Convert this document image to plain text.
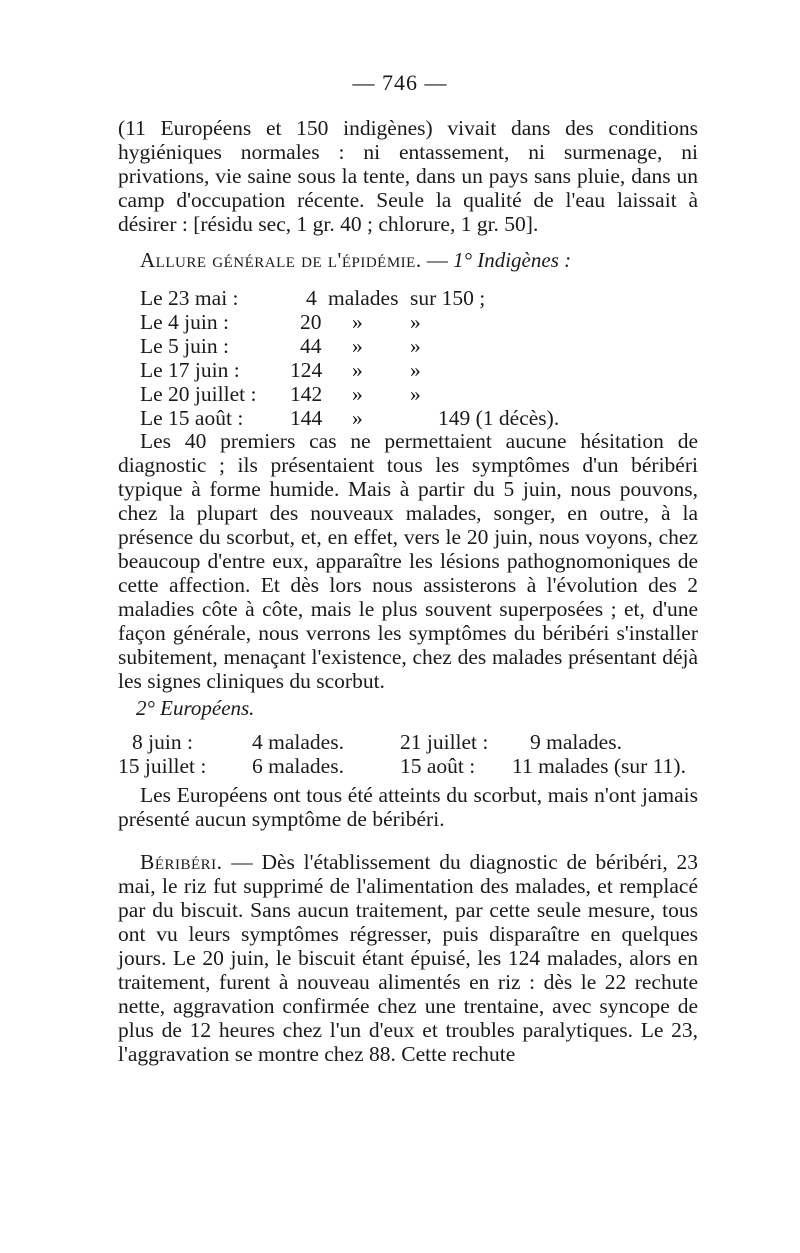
— 746 —

(11 Européens et 150 indigènes) vivait dans des conditions hygiéniques normales : ni entassement, ni surmenage, ni privations, vie saine sous la tente, dans un pays sans pluie, dans un camp d'occupation récente. Seule la qualité de l'eau laissait à désirer : [résidu sec, 1 gr. 40 ; chlorure, 1 gr. 50].

Allure générale de l'épidémie. — 1° Indigènes :
Le 23 mai :	4 malades sur 150 ;
Le 4 juin :	20 » »
Le 5 juin :	44 » »
Le 17 juin : 124 » »
Le 20 juillet : 142 » »
Le 15 août : 144 »	149 (1 décès).

Les 40 premiers cas ne permettaient aucune hésitation de diagnostic ; ils présentaient tous les symptômes d'un béribéri typique à forme humide. Mais à partir du 5 juin, nous pouvons, chez la plupart des nouveaux malades, songer, en outre, à la présence du scorbut, et, en effet, vers le 20 juin, nous voyons, chez beaucoup d'entre eux, apparaître les lésions pathognomoniques de cette affection. Et dès lors nous assisterons à l'évolution des 2 maladies côte à côte, mais le plus souvent superposées ; et, d'une façon générale, nous verrons les symptômes du béribéri s'installer subitement, menaçant l'existence, chez des malades présentant déjà les signes cliniques du scorbut.

2° Européens.
8 juin :	4 malades.	21 juillet : 9 malades.
15 juillet : 6 malades.	15 août : 11 malades (sur 11).

Les Européens ont tous été atteints du scorbut, mais n'ont jamais présenté aucun symptôme de béribéri.

Béribéri. — Dès l'établissement du diagnostic de béribéri, 23 mai, le riz fut supprimé de l'alimentation des malades, et remplacé par du biscuit. Sans aucun traitement, par cette seule mesure, tous ont vu leurs symptômes régresser, puis disparaître en quelques jours. Le 20 juin, le biscuit étant épuisé, les 124 malades, alors en traitement, furent à nouveau alimentés en riz : dès le 22 rechute nette, aggravation confirmée chez une trentaine, avec syncope de plus de 12 heures chez l'un d'eux et troubles paralytiques. Le 23, l'aggravation se montre chez 88. Cette rechute
